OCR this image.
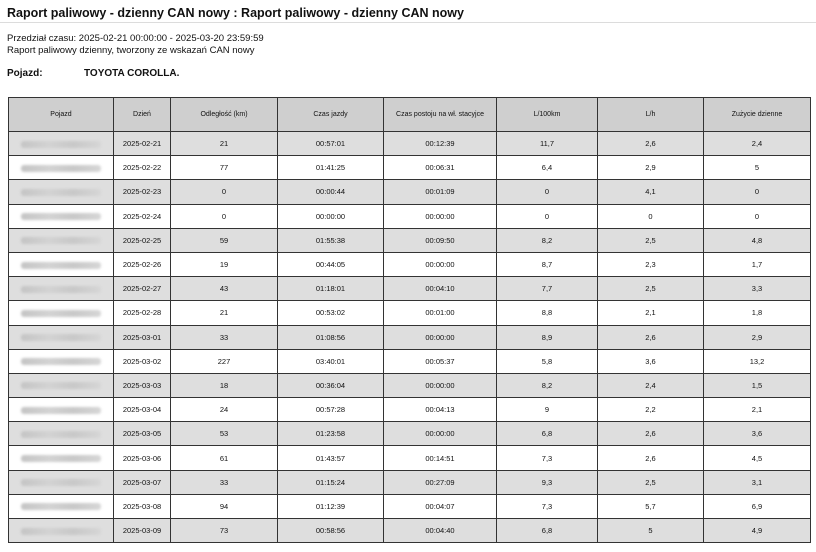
Raport paliwowy - dzienny CAN nowy : Raport paliwowy - dzienny CAN nowy
Przedział czasu: 2025-02-21 00:00:00 - 2025-03-20 23:59:59
Raport paliwowy dzienny, tworzony ze wskazań CAN nowy
Pojazd:	TOYOTA COROLLA.
Pojazd	Dzień	Odległość (km)	Czas jazdy	Czas postoju na wł. stacyjce	L/100km	L/h	Zużycie dzienne
	2025-02-21	21	00:57:01	00:12:39	11,7	2,6	2,4
	2025-02-22	77	01:41:25	00:06:31	6,4	2,9	5
	2025-02-23	0	00:00:44	00:01:09	0	4,1	0
	2025-02-24	0	00:00:00	00:00:00	0	0	0
	2025-02-25	59	01:55:38	00:09:50	8,2	2,5	4,8
	2025-02-26	19	00:44:05	00:00:00	8,7	2,3	1,7
	2025-02-27	43	01:18:01	00:04:10	7,7	2,5	3,3
	2025-02-28	21	00:53:02	00:01:00	8,8	2,1	1,8
	2025-03-01	33	01:08:56	00:00:00	8,9	2,6	2,9
	2025-03-02	227	03:40:01	00:05:37	5,8	3,6	13,2
	2025-03-03	18	00:36:04	00:00:00	8,2	2,4	1,5
	2025-03-04	24	00:57:28	00:04:13	9	2,2	2,1
	2025-03-05	53	01:23:58	00:00:00	6,8	2,6	3,6
	2025-03-06	61	01:43:57	00:14:51	7,3	2,6	4,5
	2025-03-07	33	01:15:24	00:27:09	9,3	2,5	3,1
	2025-03-08	94	01:12:39	00:04:07	7,3	5,7	6,9
	2025-03-09	73	00:58:56	00:04:40	6,8	5	4,9
